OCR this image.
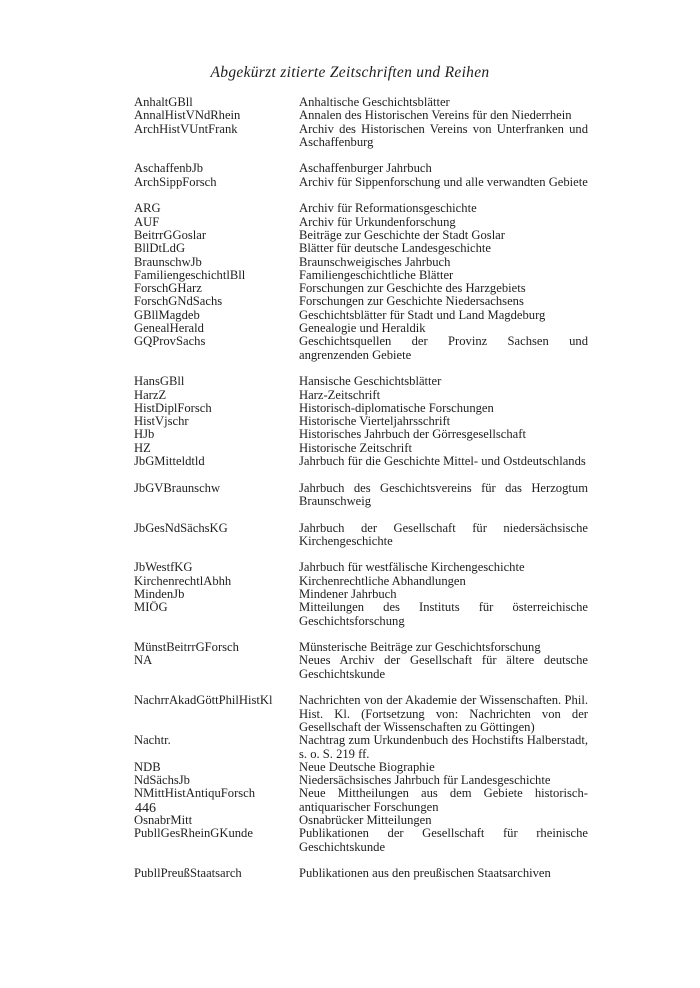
Abgekürzt zitierte Zeitschriften und Reihen
AnhaltGBll	Anhaltische Geschichtsblätter
AnnalHistVNdRhein	Annalen des Historischen Vereins für den Niederrhein
ArchHistVUntFrank	Archiv des Historischen Vereins von Unterfranken und Aschaffenburg
AschaffenbJb	Aschaffenburger Jahrbuch
ArchSippForsch	Archiv für Sippenforschung und alle verwandten Gebiete
ARG	Archiv für Reformationsgeschichte
AUF	Archiv für Urkundenforschung
BeitrrGGoslar	Beiträge zur Geschichte der Stadt Goslar
BllDtLdG	Blätter für deutsche Landesgeschichte
BraunschwJb	Braunschweigisches Jahrbuch
FamiliengeschichtlBll	Familiengeschichtliche Blätter
ForschGHarz	Forschungen zur Geschichte des Harzgebiets
ForschGNdSachs	Forschungen zur Geschichte Niedersachsens
GBllMagdeb	Geschichtsblätter für Stadt und Land Magdeburg
GenealHerald	Genealogie und Heraldik
GQProvSachs	Geschichtsquellen der Provinz Sachsen und angrenzenden Gebiete
HansGBll	Hansische Geschichtsblätter
HarzZ	Harz-Zeitschrift
HistDiplForsch	Historisch-diplomatische Forschungen
HistVjschr	Historische Vierteljahrsschrift
HJb	Historisches Jahrbuch der Görresgesellschaft
HZ	Historische Zeitschrift
JbGMitteldtld	Jahrbuch für die Geschichte Mittel- und Ostdeutschlands
JbGVBraunschw	Jahrbuch des Geschichtsvereins für das Herzogtum Braunschweig
JbGesNdSächsKG	Jahrbuch der Gesellschaft für niedersächsische Kirchengeschichte
JbWestfKG	Jahrbuch für westfälische Kirchengeschichte
KirchenrechtlAbhh	Kirchenrechtliche Abhandlungen
MindenJb	Mindener Jahrbuch
MIÖG	Mitteilungen des Instituts für österreichische Geschichtsforschung
MünstBeitrrGForsch	Münsterische Beiträge zur Geschichtsforschung
NA	Neues Archiv der Gesellschaft für ältere deutsche Geschichtskunde
NachrrAkadGöttPhilHistKl	Nachrichten von der Akademie der Wissenschaften. Phil. Hist. Kl. (Fortsetzung von: Nachrichten von der Gesellschaft der Wissenschaften zu Göttingen)
Nachtr.	Nachtrag zum Urkundenbuch des Hochstifts Halberstadt, s. o. S. 219 ff.
NDB	Neue Deutsche Biographie
NdSächsJb	Niedersächsisches Jahrbuch für Landesgeschichte
NMittHistAntiquForsch	Neue Mittheilungen aus dem Gebiete historisch-antiquarischer Forschungen
OsnabrMitt	Osnabrücker Mitteilungen
PubllGesRheinGKunde	Publikationen der Gesellschaft für rheinische Geschichtskunde
PubllPreußStaatsarch	Publikationen aus den preußischen Staatsarchiven
446
